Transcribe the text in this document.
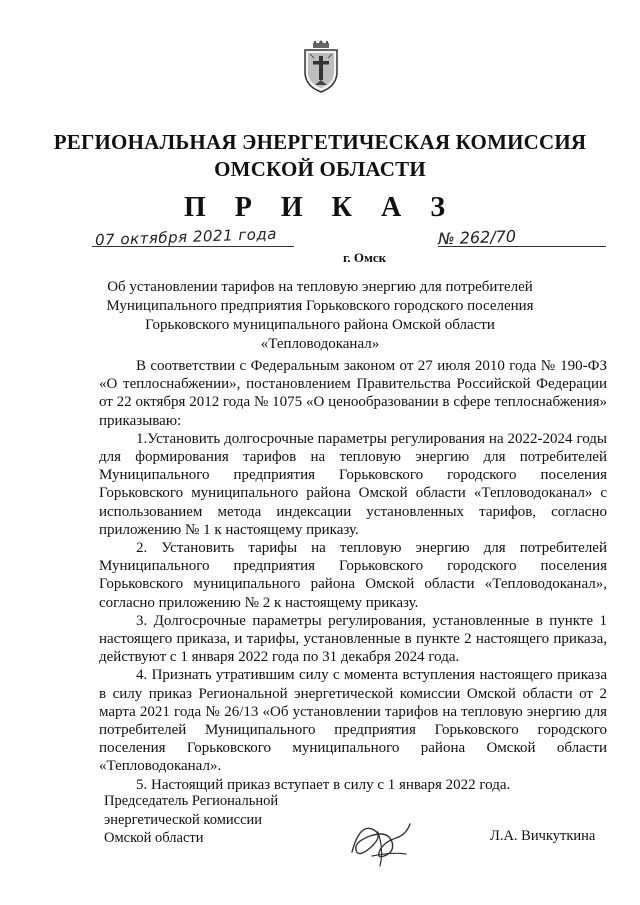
РЕГИОНАЛЬНАЯ ЭНЕРГЕТИЧЕСКАЯ КОМИССИЯ
ОМСКОЙ ОБЛАСТИ
П Р И К А З
07 октября 2021 года
г. Омск
№ 262/70
Об установлении тарифов на тепловую энергию для потребителей
Муниципального предприятия Горьковского городского поселения
Горьковского муниципального района Омской области
«Тепловодоканал»

В соответствии с Федеральным законом от 27 июля 2010 года № 190-ФЗ «О теплоснабжении», постановлением Правительства Российской Федерации от 22 октября 2012 года № 1075 «О ценообразовании в сфере теплоснабжения» приказываю:

1.Установить долгосрочные параметры регулирования на 2022-2024 годы для формирования тарифов на тепловую энергию для потребителей Муниципального предприятия Горьковского городского поселения Горьковского муниципального района Омской области «Тепловодоканал» с использованием метода индексации установленных тарифов, согласно приложению № 1 к настоящему приказу.

2. Установить тарифы на тепловую энергию для потребителей Муниципального предприятия Горьковского городского поселения Горьковского муниципального района Омской области «Тепловодоканал», согласно приложению № 2 к настоящему приказу.

3. Долгосрочные параметры регулирования, установленные в пункте 1 настоящего приказа, и тарифы, установленные в пункте 2 настоящего приказа, действуют с 1 января 2022 года по 31 декабря 2024 года.

4. Признать утратившим силу с момента вступления настоящего приказа в силу приказ Региональной энергетической комиссии Омской области от 2 марта 2021 года № 26/13 «Об установлении тарифов на тепловую энергию для потребителей Муниципального предприятия Горьковского городского поселения Горьковского муниципального района Омской области «Тепловодоканал».

5. Настоящий приказ вступает в силу с 1 января 2022 года.

Председатель Региональной
энергетической комиссии
Омской области	Л.А. Вичкуткина
